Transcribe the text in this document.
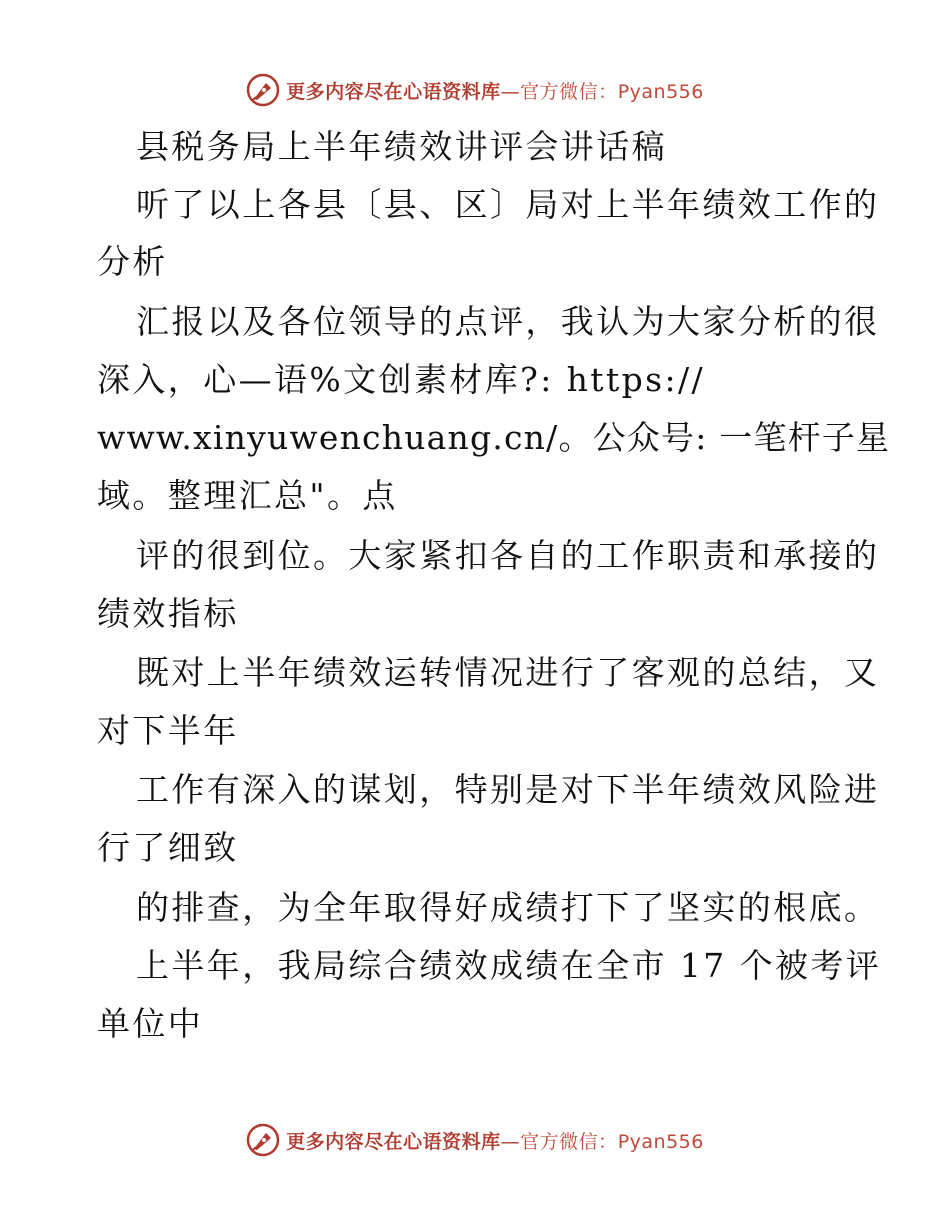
更多内容尽在心语资料库—官方微信：Pyan556
县税务局上半年绩效讲评会讲话稿
听了以上各县〔县、区〕局对上半年绩效工作的
分析
汇报以及各位领导的点评，我认为大家分析的很
深入，心—语%文创素材库?: https://
www.xinyuwenchuang.cn/。公众号: 一笔杆子星
域。整理汇总"。点
评的很到位。大家紧扣各自的工作职责和承接的
绩效指标
既对上半年绩效运转情况进行了客观的总结，又
对下半年
工作有深入的谋划，特别是对下半年绩效风险进
行了细致
的排查，为全年取得好成绩打下了坚实的根底。
上半年，我局综合绩效成绩在全市 17 个被考评
单位中
更多内容尽在心语资料库—官方微信：Pyan556
